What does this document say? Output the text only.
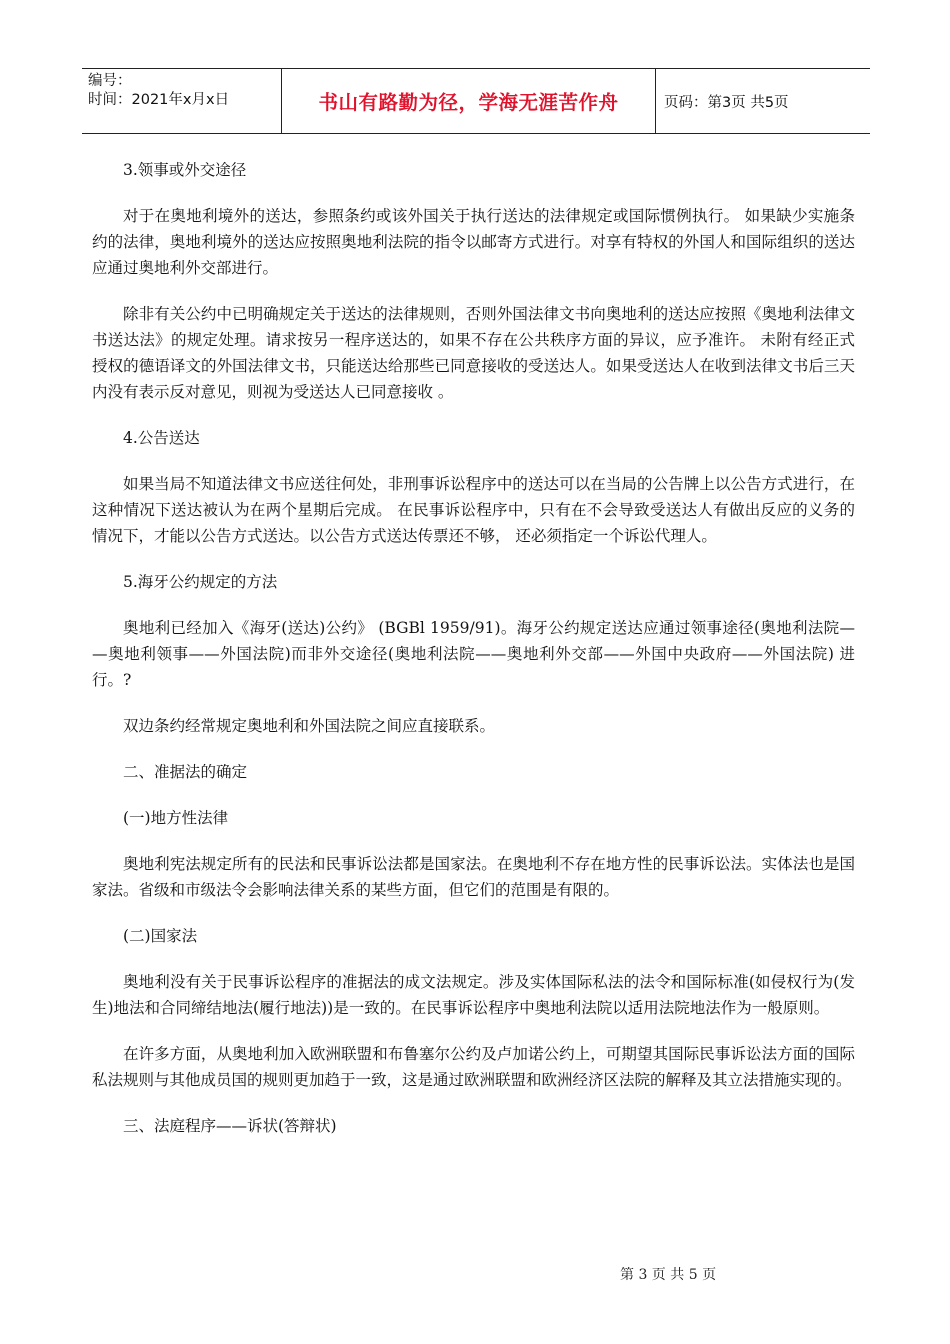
编号：
时间：2021年x月x日	书山有路勤为径，学海无涯苦作舟	页码：第3页 共5页

3.领事或外交途径

对于在奥地利境外的送达，参照条约或该外国关于执行送达的法律规定或国际惯例执行。 如果缺少实施条约的法律，奥地利境外的送达应按照奥地利法院的指令以邮寄方式进行。对享有特权的外国人和国际组织的送达应通过奥地利外交部进行。

除非有关公约中已明确规定关于送达的法律规则，否则外国法律文书向奥地利的送达应按照《奥地利法律文书送达法》的规定处理。请求按另一程序送达的，如果不存在公共秩序方面的异议，应予准许。 未附有经正式授权的德语译文的外国法律文书，只能送达给那些已同意接收的受送达人。如果受送达人在收到法律文书后三天内没有表示反对意见，则视为受送达人已同意接收 。

4.公告送达

如果当局不知道法律文书应送往何处，非刑事诉讼程序中的送达可以在当局的公告牌上以公告方式进行，在这种情况下送达被认为在两个星期后完成。 在民事诉讼程序中，只有在不会导致受送达人有做出反应的义务的情况下，才能以公告方式送达。以公告方式送达传票还不够， 还必须指定一个诉讼代理人。

5.海牙公约规定的方法

奥地利已经加入《海牙(送达)公约》 (BGBl 1959/91)。海牙公约规定送达应通过领事途径(奥地利法院— —奥地利领事——外国法院)而非外交途径(奥地利法院——奥地利外交部——外国中央政府——外国法院) 进行。?

双边条约经常规定奥地利和外国法院之间应直接联系。

二、准据法的确定

(一)地方性法律

奥地利宪法规定所有的民法和民事诉讼法都是国家法。在奥地利不存在地方性的民事诉讼法。实体法也是国家法。省级和市级法令会影响法律关系的某些方面，但它们的范围是有限的。

(二)国家法

奥地利没有关于民事诉讼程序的准据法的成文法规定。涉及实体国际私法的法令和国际标准(如侵权行为(发生)地法和合同缔结地法(履行地法))是一致的。在民事诉讼程序中奥地利法院以适用法院地法作为一般原则。

在许多方面，从奥地利加入欧洲联盟和布鲁塞尔公约及卢加诺公约上，可期望其国际民事诉讼法方面的国际私法规则与其他成员国的规则更加趋于一致，这是通过欧洲联盟和欧洲经济区法院的解释及其立法措施实现的。

三、法庭程序——诉状(答辩状)

第 3 页 共 5 页
